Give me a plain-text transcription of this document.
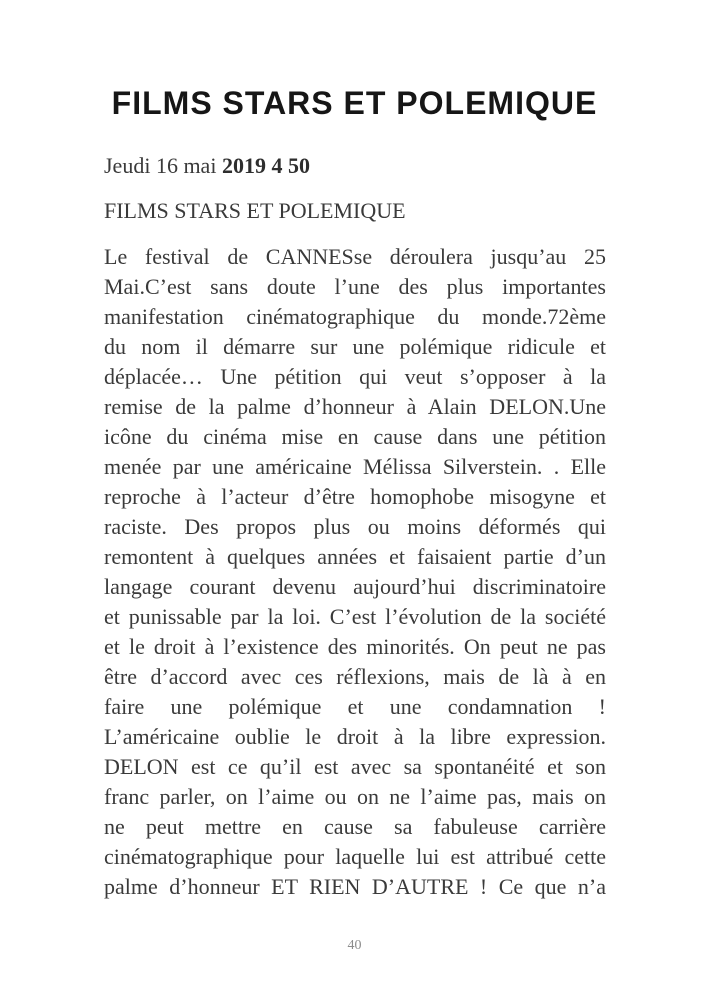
FILMS STARS ET POLEMIQUE
Jeudi 16 mai 2019 4 50
FILMS STARS ET POLEMIQUE
Le festival de CANNESse déroulera jusqu’au 25
Mai.C’est sans doute l’une des plus importantes
manifestation cinématographique du monde.72ème
du nom il démarre sur une polémique ridicule et
déplacée… Une pétition qui veut s’opposer à la
remise de la palme d’honneur à Alain DELON.Une
icône du cinéma mise en cause dans une pétition
menée par une américaine Mélissa Silverstein. . Elle
reproche à l’acteur d’être homophobe misogyne et
raciste. Des propos plus ou moins déformés qui
remontent à quelques années et faisaient partie d’un
langage courant devenu aujourd’hui discriminatoire
et punissable par la loi. C’est l’évolution de la société
et le droit à l’existence des minorités. On peut ne pas
être d’accord avec ces réflexions, mais de là à en
faire une polémique et une condamnation !
L’américaine oublie le droit à la libre expression.
DELON est ce qu’il est avec sa spontanéité et son
franc parler, on l’aime ou on ne l’aime pas, mais on
ne peut mettre en cause sa fabuleuse carrière
cinématographique pour laquelle lui est attribué cette
palme d’honneur ET RIEN D’AUTRE ! Ce que n’a
40
